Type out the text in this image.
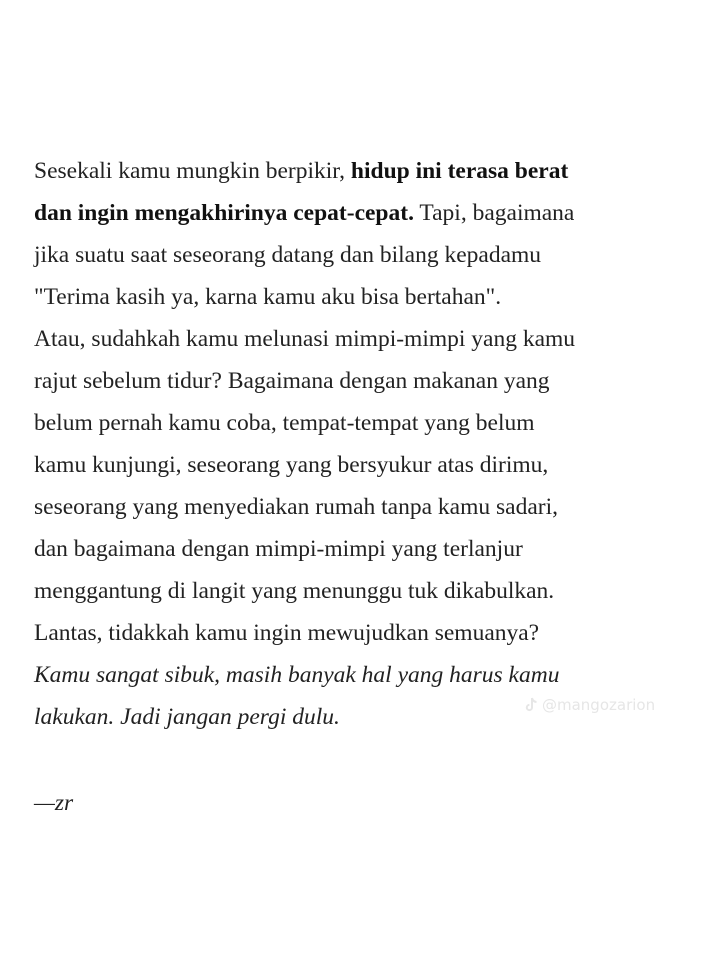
Sesekali kamu mungkin berpikir, hidup ini terasa berat
dan ingin mengakhirinya cepat-cepat. Tapi, bagaimana
jika suatu saat seseorang datang dan bilang kepadamu
"Terima kasih ya, karna kamu aku bisa bertahan".
Atau, sudahkah kamu melunasi mimpi-mimpi yang kamu
rajut sebelum tidur? Bagaimana dengan makanan yang
belum pernah kamu coba, tempat-tempat yang belum
kamu kunjungi, seseorang yang bersyukur atas dirimu,
seseorang yang menyediakan rumah tanpa kamu sadari,
dan bagaimana dengan mimpi-mimpi yang terlanjur
menggantung di langit yang menunggu tuk dikabulkan.
Lantas, tidakkah kamu ingin mewujudkan semuanya?
Kamu sangat sibuk, masih banyak hal yang harus kamu
lakukan. Jadi jangan pergi dulu.	@mangozarion
—zr
